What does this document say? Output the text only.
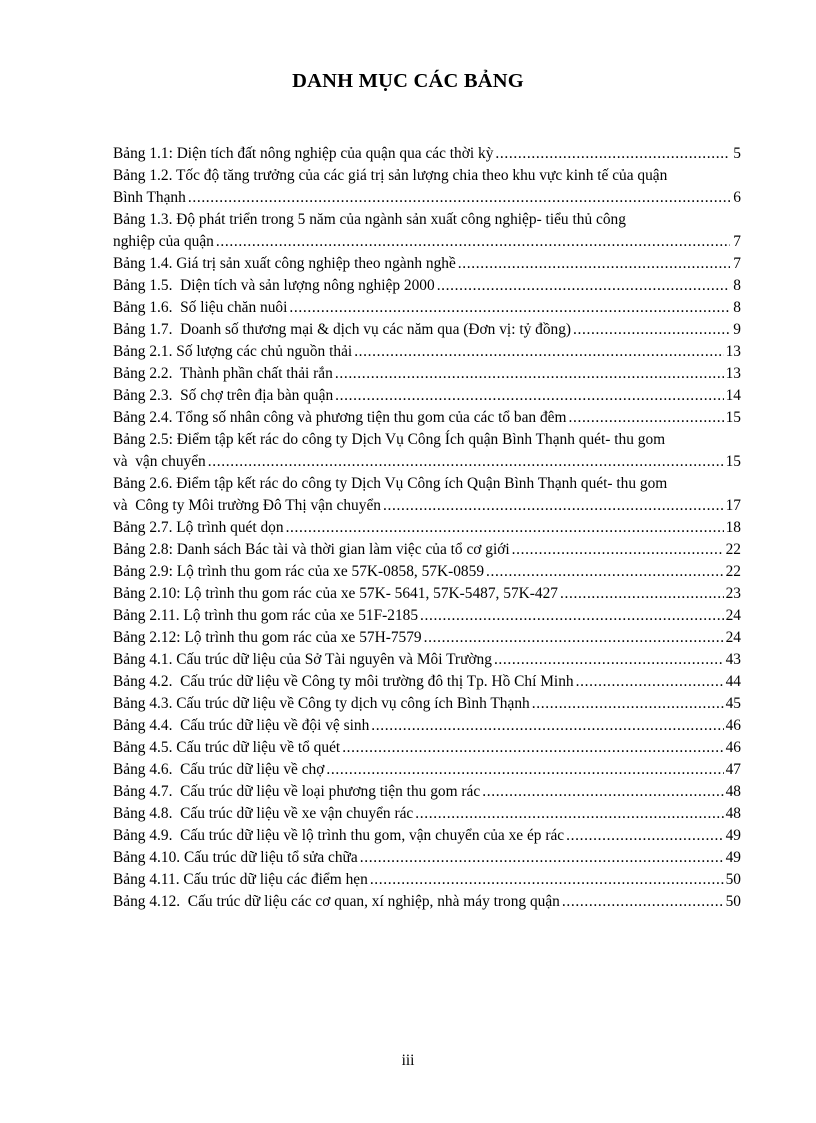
DANH MỤC CÁC BẢNG
Bảng 1.1: Diện tích đất nông nghiệp của quận qua các thời kỳ . . .	5
Bảng 1.2. Tốc độ tăng trưởng của các giá trị sản lượng chia theo khu vực kinh tế của quận
Bình Thạnh . . .	6
Bảng 1.3. Độ phát triển trong 5 năm của ngành sản xuất công nghiệp- tiểu thủ công
nghiệp của quận . . .	7
Bảng 1.4. Giá trị sản xuất công nghiệp theo ngành nghề . . .	7
Bảng 1.5.  Diện tích và sản lượng nông nghiệp 2000 . . .	8
Bảng 1.6.  Số liệu chăn nuôi . . .	8
Bảng 1.7.  Doanh số thương mại & dịch vụ các năm qua (Đơn vị: tỷ đồng) . . .	9
Bảng 2.1. Số lượng các chủ nguồn thải . . .	13
Bảng 2.2.  Thành phần chất thải rắn . . .	13
Bảng 2.3.  Số chợ trên địa bàn quận . . .	14
Bảng 2.4. Tổng số nhân công và phương tiện thu gom của các tổ ban đêm . . .	15
Bảng 2.5: Điểm tập kết rác do công ty Dịch Vụ Công Ích quận Bình Thạnh quét- thu gom
và  vận chuyển . . .	15
Bảng 2.6. Điểm tập kết rác do công ty Dịch Vụ Công ích Quận Bình Thạnh quét- thu gom
và  Công ty Môi trường Đô Thị vận chuyển . . .	17
Bảng 2.7. Lộ trình quét dọn . . .	18
Bảng 2.8: Danh sách Bác tài và thời gian làm việc của tổ cơ giới . . .	22
Bảng 2.9: Lộ trình thu gom rác của xe 57K-0858, 57K-0859 . . .	22
Bảng 2.10: Lộ trình thu gom rác của xe 57K- 5641, 57K-5487, 57K-427 . . .	23
Bảng 2.11. Lộ trình thu gom rác của xe 51F-2185 . . .	24
Bảng 2.12: Lộ trình thu gom rác của xe 57H-7579 . . .	24
Bảng 4.1. Cấu trúc dữ liệu của Sở Tài nguyên và Môi Trường . . .	43
Bảng 4.2.  Cấu trúc dữ liệu về Công ty môi trường đô thị Tp. Hồ Chí Minh . . .	44
Bảng 4.3. Cấu trúc dữ liệu về Công ty dịch vụ công ích Bình Thạnh . . .	45
Bảng 4.4.  Cấu trúc dữ liệu về đội vệ sinh . . .	46
Bảng 4.5. Cấu trúc dữ liệu về tổ quét . . .	46
Bảng 4.6.  Cấu trúc dữ liệu về chợ . . .	47
Bảng 4.7.  Cấu trúc dữ liệu về loại phương tiện thu gom rác . . .	48
Bảng 4.8.  Cấu trúc dữ liệu về xe vận chuyển rác . . .	48
Bảng 4.9.  Cấu trúc dữ liệu về lộ trình thu gom, vận chuyển của xe ép rác . . .	49
Bảng 4.10. Cấu trúc dữ liệu tổ sửa chữa . . .	49
Bảng 4.11. Cấu trúc dữ liệu các điểm hẹn . . .	50
Bảng 4.12.  Cấu trúc dữ liệu các cơ quan, xí nghiệp, nhà máy trong quận . . .	50
iii
